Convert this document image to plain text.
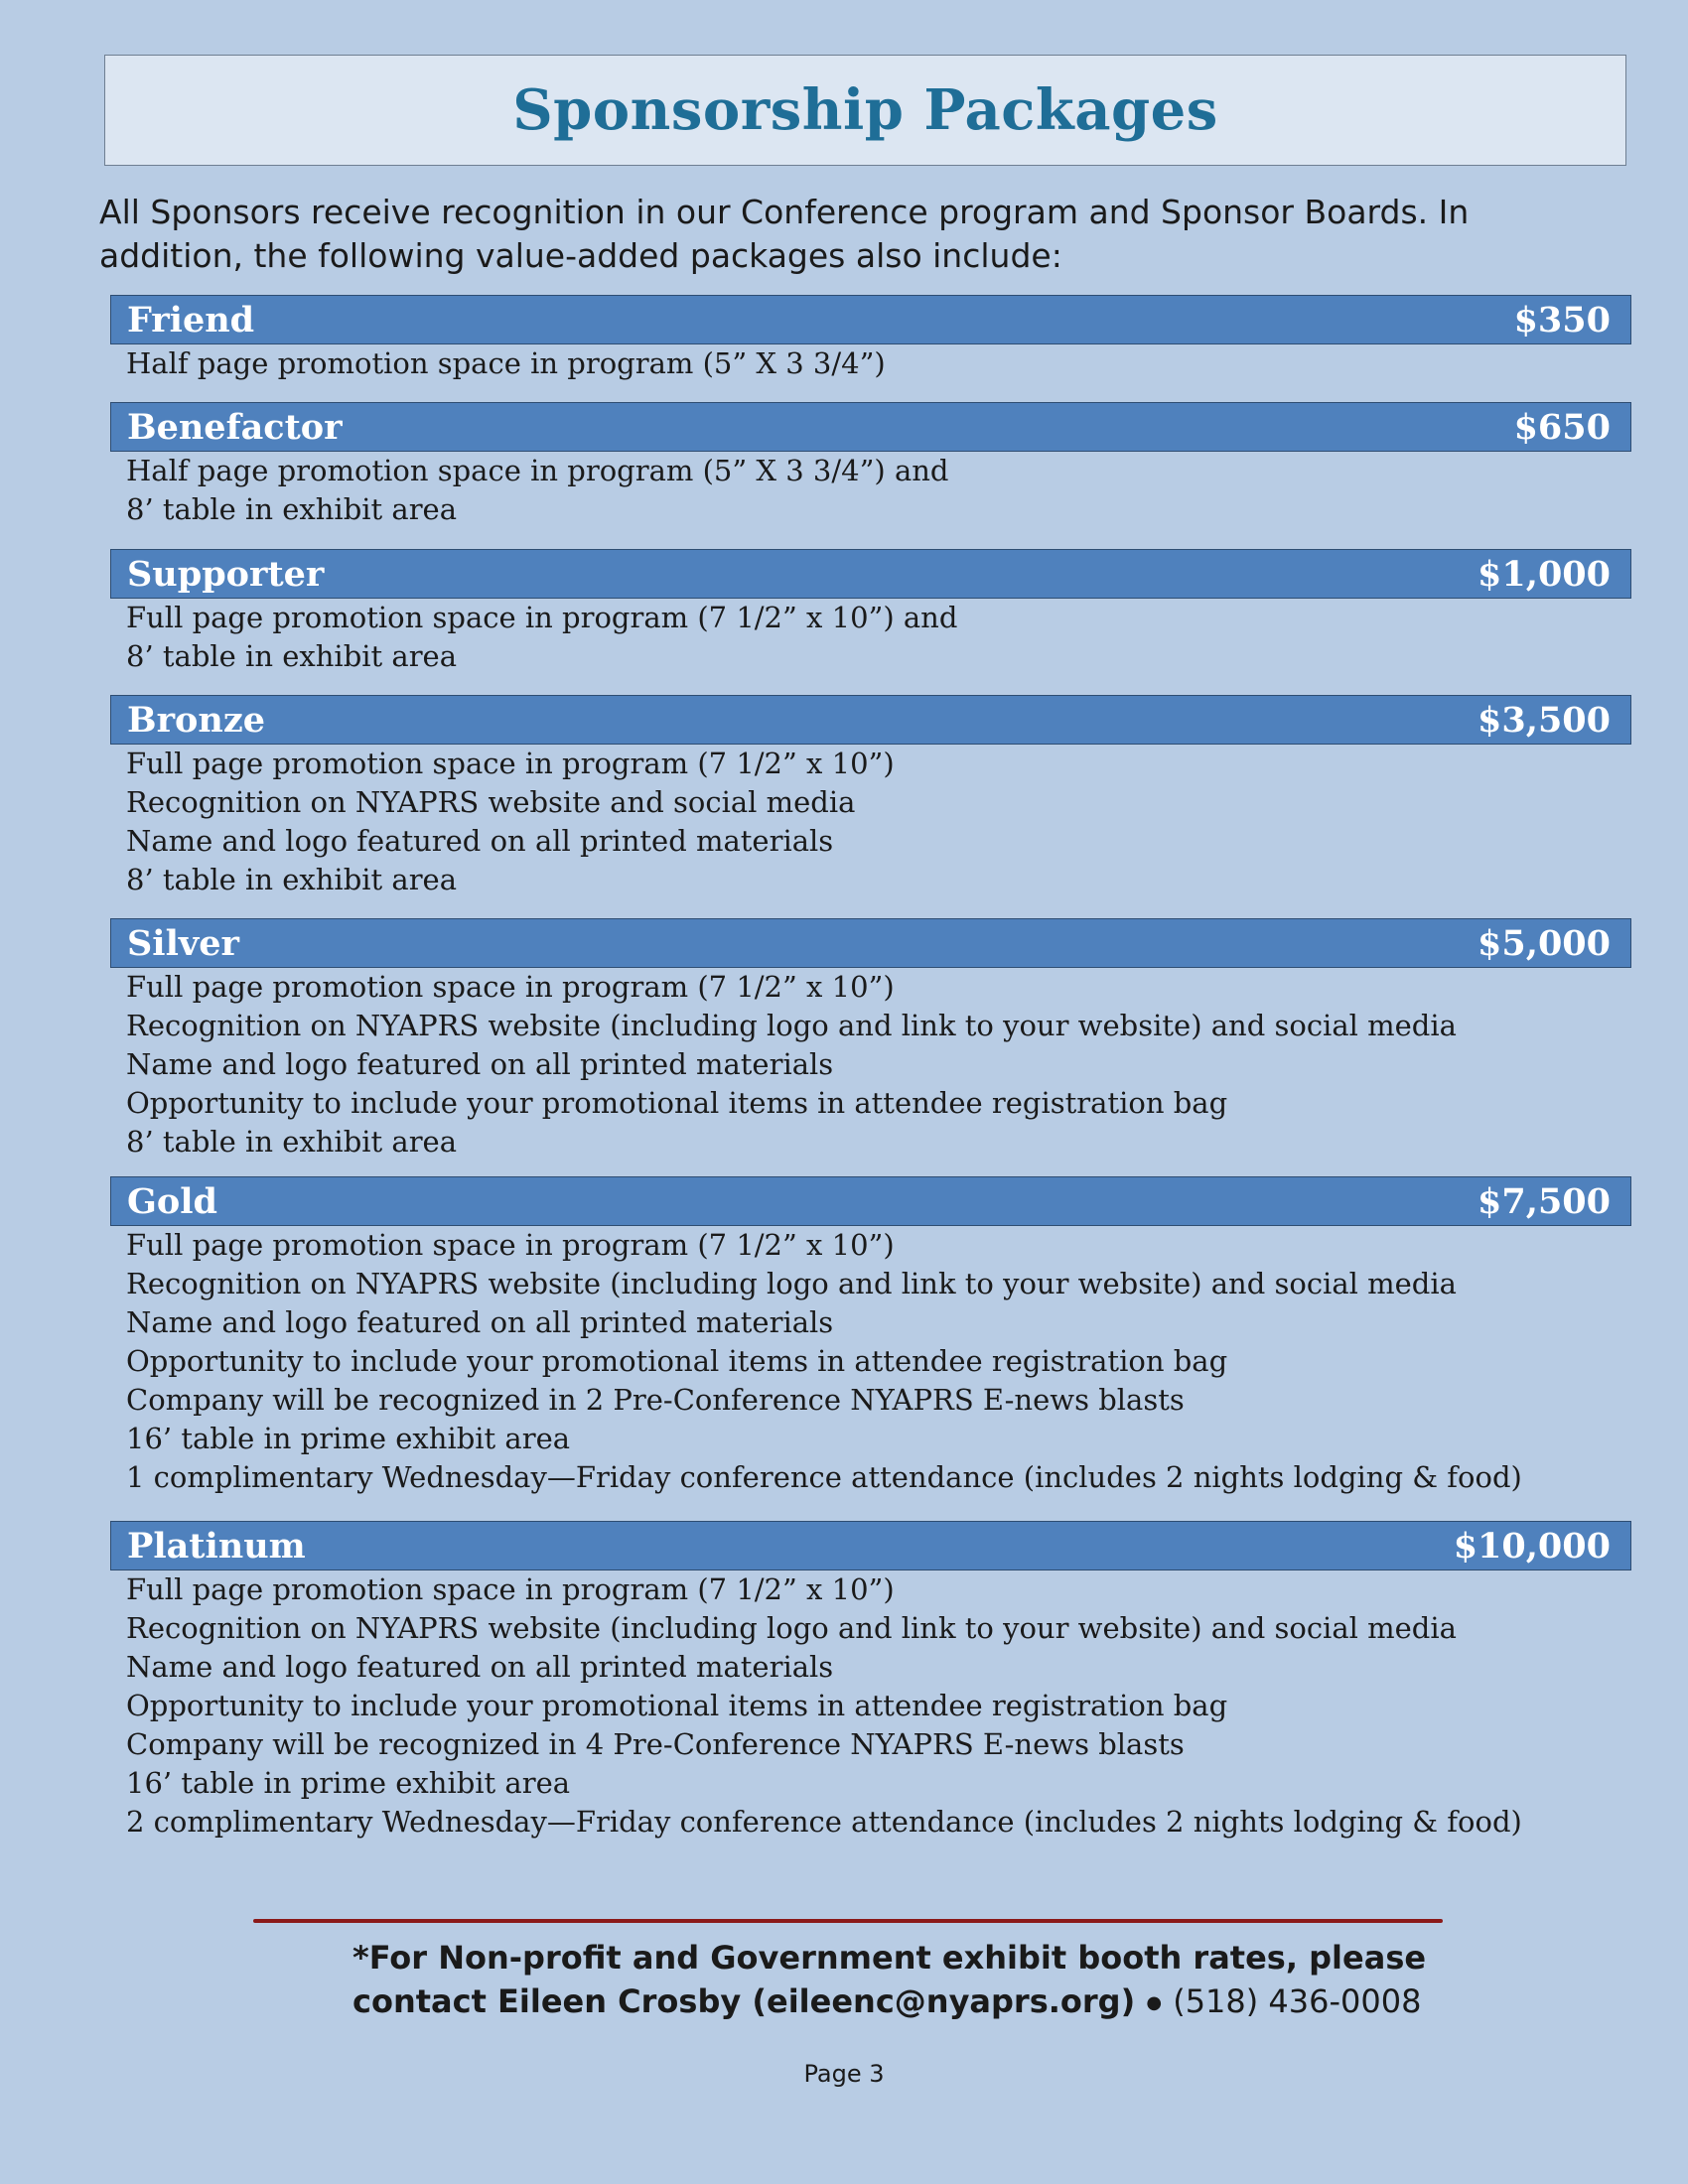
Sponsorship Packages
All Sponsors receive recognition in our Conference program and Sponsor Boards. In addition, the following value-added packages also include:
Friend	$350
Half page promotion space in program (5” X 3 3/4”)
Benefactor	$650
Half page promotion space in program (5” X 3 3/4”) and
8’ table in exhibit area
Supporter	$1,000
Full page promotion space in program (7 1/2” x 10”) and
8’ table in exhibit area
Bronze	$3,500
Full page promotion space in program (7 1/2” x 10”)
Recognition on NYAPRS website and social media
Name and logo featured on all printed materials
8’ table in exhibit area
Silver	$5,000
Full page promotion space in program (7 1/2” x 10”)
Recognition on NYAPRS website (including logo and link to your website) and social media
Name and logo featured on all printed materials
Opportunity to include your promotional items in attendee registration bag
8’ table in exhibit area
Gold	$7,500
Full page promotion space in program (7 1/2” x 10”)
Recognition on NYAPRS website (including logo and link to your website) and social media
Name and logo featured on all printed materials
Opportunity to include your promotional items in attendee registration bag
Company will be recognized in 2 Pre-Conference NYAPRS E-news blasts
16’ table in prime exhibit area
1 complimentary Wednesday—Friday conference attendance (includes 2 nights lodging & food)
Platinum	$10,000
Full page promotion space in program (7 1/2” x 10”)
Recognition on NYAPRS website (including logo and link to your website) and social media
Name and logo featured on all printed materials
Opportunity to include your promotional items in attendee registration bag
Company will be recognized in 4 Pre-Conference NYAPRS E-news blasts
16’ table in prime exhibit area
2 complimentary Wednesday—Friday conference attendance (includes 2 nights lodging & food)
*For Non-profit and Government exhibit booth rates, please
contact Eileen Crosby (eileenc@nyaprs.org) ● (518) 436-0008
Page 3
